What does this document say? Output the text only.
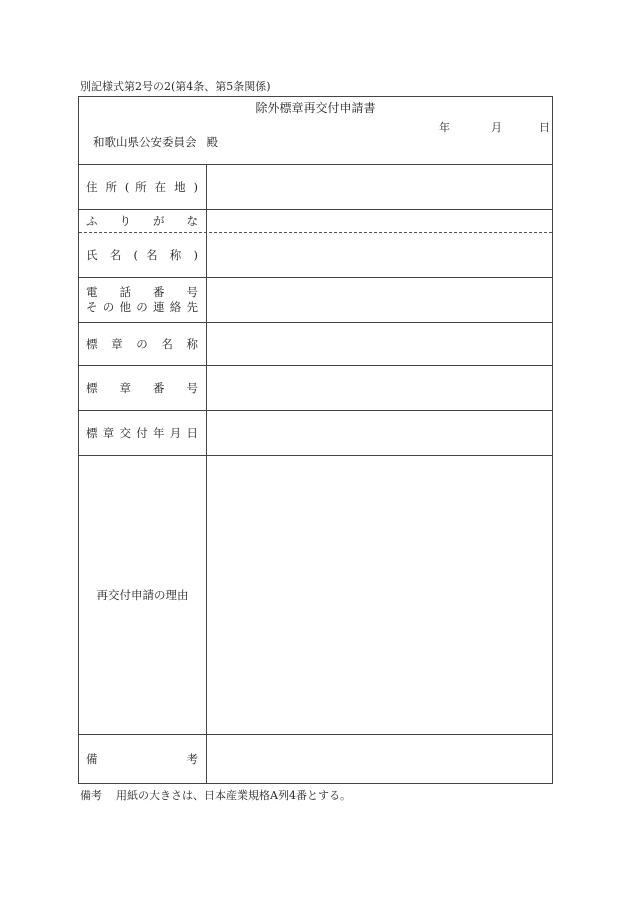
別記様式第2号の2(第4条、第5条関係)
除外標章再交付申請書
年	月	日
和歌山県公安委員会 殿
住 所 ( 所 在 地 )
ふ　り　が　な
氏 名 ( 名 称 )
電　話　番　号
その他の連絡先
標 章 の 名 称
標　章　番　号
標章交付年月日
再交付申請の理由
備　　　　考
備考 用紙の大きさは、日本産業規格A列4番とする。
